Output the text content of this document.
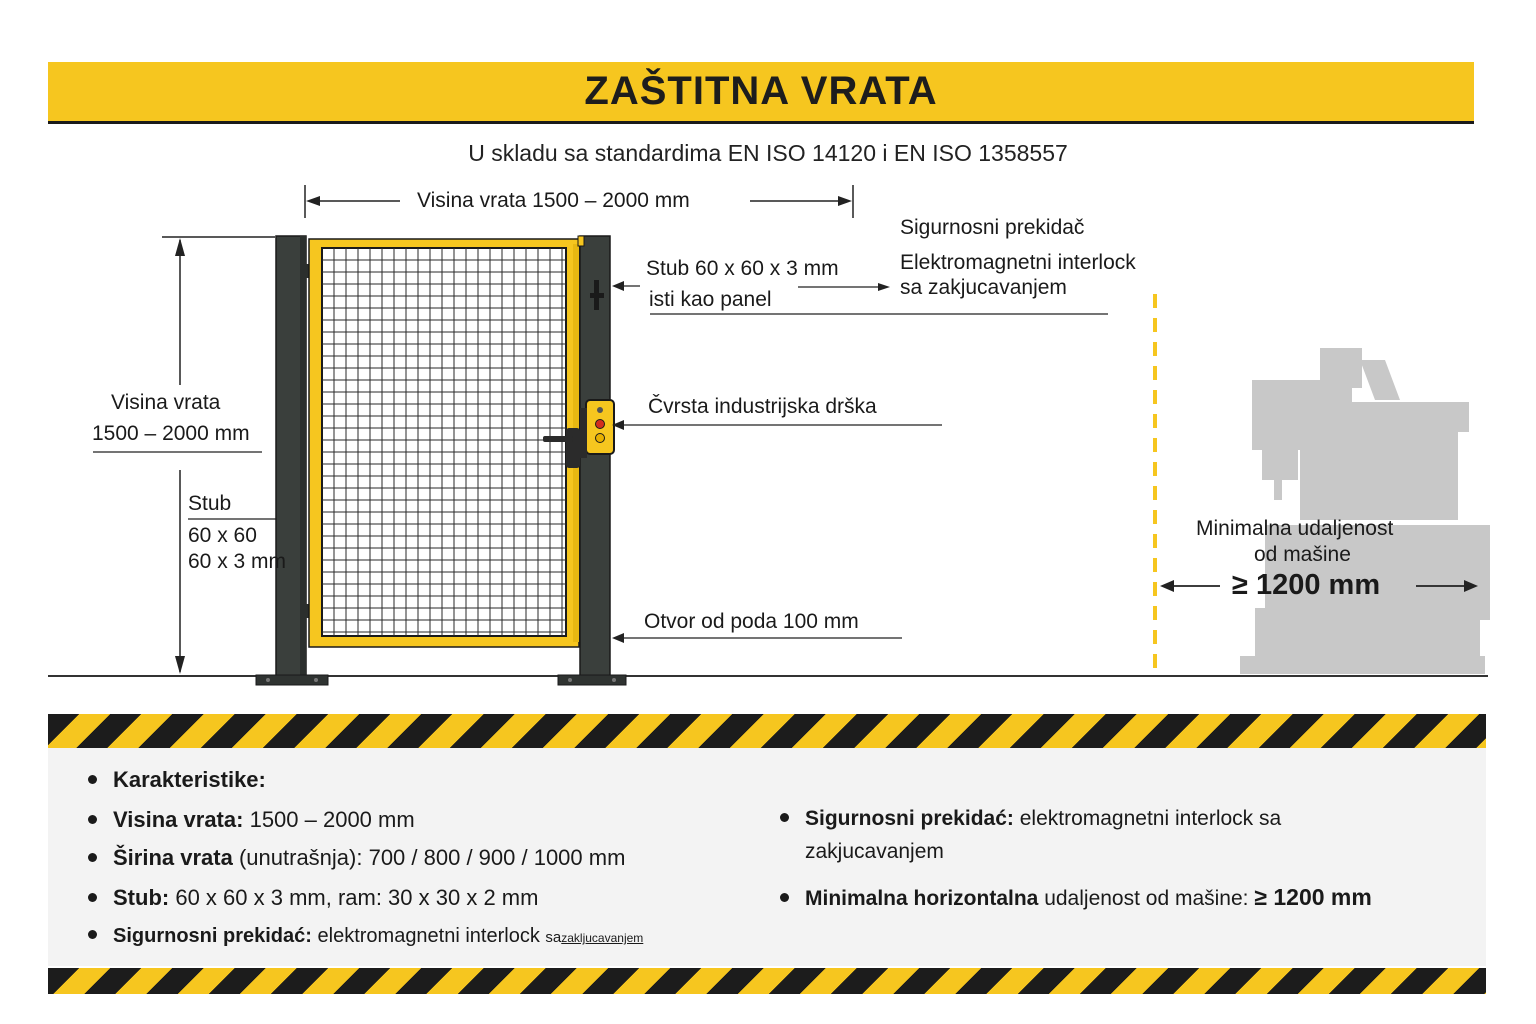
ZAŠTITNA VRATA
U skladu sa standardima EN ISO 14120 i EN ISO 1358557
Visina vrata 1500 – 2000 mm
Visina vrata
1500 – 2000 mm
Stub
60 x 60
60 x 3 mm
Stub 60 x 60 x 3 mm
isti kao panel
Sigurnosni prekidač
Elektromagnetni interlock
sa zakjucavanjem
Čvrsta industrijska drška
Otvor od poda 100 mm
Minimalna udaljenost
od mašine
≥ 1200 mm
Karakteristike:
Visina vrata: 1500 – 2000 mm
Širina vrata (unutrašnja): 700 / 800 / 900 / 1000 mm
Stub: 60 x 60 x 3 mm, ram: 30 x 30 x 2 mm
Sigurnosni prekidać: elektromagnetni interlock sazakljucavanjem
Sigurnosni prekidać: elektromagnetni interlock sa
zakjucavanjem
Minimalna horizontalna udaljenost od mašine: ≥ 1200 mm
